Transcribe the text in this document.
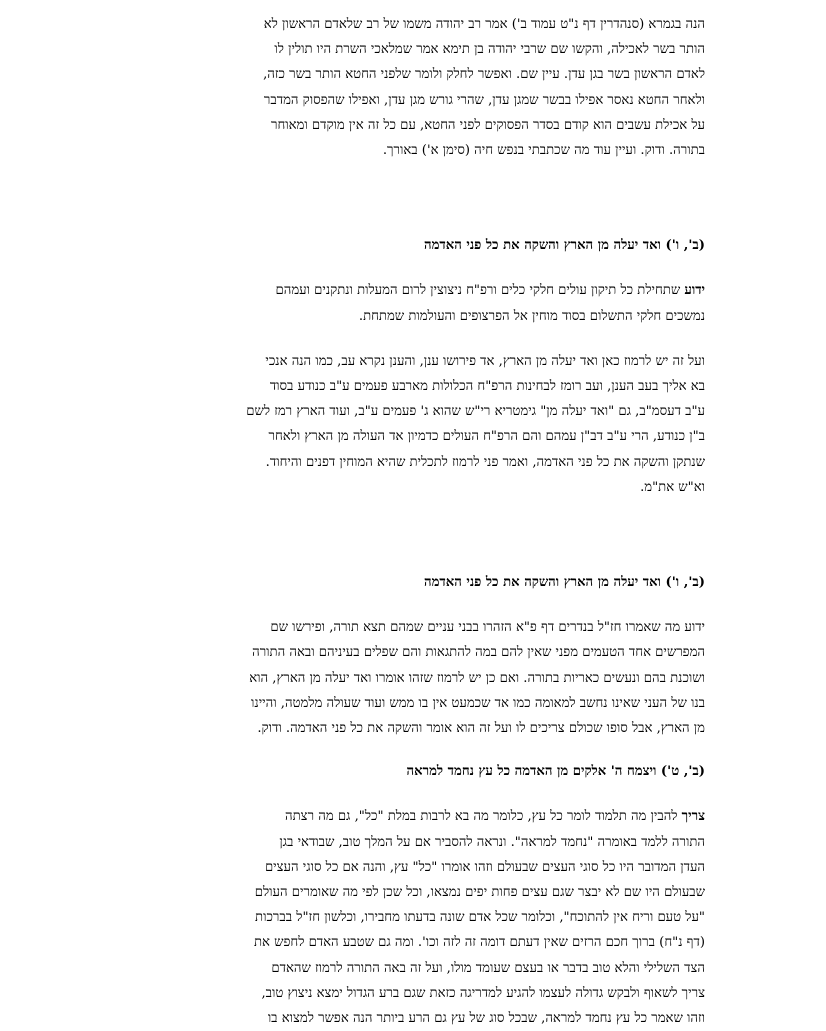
הנה בגמרא (סנהדרין דף נ"ט עמוד ב') אמר רב יהודה משמו של רב שלאדם הראשון לא
הותר בשר לאכילה, והקשו שם שרבי יהודה בן תימא אמר שמלאכי השרת היו תולין לו
לאדם הראשון בשר בגן עדן. עיין שם. ואפשר לחלק ולומר שלפני החטא הותר בשר כזה,
ולאחר החטא נאסר אפילו בבשר שמגן עדן, שהרי גורש מגן עדן, ואפילו שהפסוק המדבר
על אכילת עשבים הוא קודם בסדר הפסוקים לפני החטא, עם כל זה אין מוקדם ומאוחר
בתורה. ודוק. ועיין עוד מה שכתבתי בנפש חיה (סימן א') באורך.
(ב', ו') ואד יעלה מן הארץ והשקה את כל פני האדמה
ידוע שתחילת כל תיקון עולים חלקי כלים ורפ"ח ניצוצין לרום המעלות ונתקנים ועמהם
נמשכים חלקי התשלום בסוד מוחין אל הפרצופים והעולמות שמתחת.
ועל זה יש לרמוז כאן ואד יעלה מן הארץ, אד פירושו ענן, והענן נקרא עב, כמו הנה אנכי
בא אליך בעב הענן, ועב רומז לבחינות הרפ"ח הכלולות מארבע פעמים ע"ב כנודע בסוד
ע"ב דעסמ"ב, גם "ואד יעלה מן" גימטריא רי"ש שהוא ג' פעמים ע"ב, ועוד הארץ רמז לשם
ב"ן כנודע, הרי ע"ב דב"ן עמהם והם הרפ"ח העולים כדמיון אד העולה מן הארץ ולאחר
שנתקן והשקה את כל פני האדמה, ואמר פני לרמוז לתכלית שהיא המוחין דפנים והיחוד.
וא"ש את"מ.
(ב', ו') ואד יעלה מן הארץ והשקה את כל פני האדמה
ידוע מה שאמרו חז"ל בנדרים דף פ"א הזהרו בבני עניים שמהם תצא תורה, ופירשו שם
המפרשים אחד הטעמים מפני שאין להם במה להתגאות והם שפלים בעיניהם ובאה התורה
ושוכנת בהם ונעשים כאריות בתורה. ואם כן יש לרמוז שזהו אומרו ואד יעלה מן הארץ, הוא
בנו של העני שאינו נחשב למאומה כמו אד שכמעט אין בו ממש ועוד שעולה מלמטה, והיינו
מן הארץ, אבל סופו שכולם צריכים לו ועל זה הוא אומר והשקה את כל פני האדמה. ודוק.
(ב', ט') ויצמח ה' אלקים מן האדמה כל עץ נחמד למראה
צריך להבין מה תלמוד לומר כל עץ, כלומר מה בא לרבות במלת "כל", גם מה רצתה
התורה ללמד באומרה "נחמד למראה". ונראה להסביר אם על המלך טוב, שבודאי בגן
העדן המדובר היו כל סוגי העצים שבעולם וזהו אומרו "כל" עץ, והנה אם כל סוגי העצים
שבעולם היו שם לא יבצר שגם עצים פחות יפים נמצאו, וכל שכן לפי מה שאומרים העולם
"על טעם וריח אין להתוכח", וכלומר שכל אדם שונה בדעתו מחבירו, וכלשון חז"ל בברכות
(דף נ"ח) ברוך חכם הרזים שאין דעתם דומה זה לזה וכו'. ומה גם שטבע האדם לחפש את
הצד השלילי והלא טוב בדבר או בעצם שעומד מולו, ועל זה באה התורה לרמוז שהאדם
צריך לשאוף ולבקש גדולה לעצמו להגיע למדריגה כזאת שגם ברע הגדול ימצא ניצוץ טוב,
וזהו שאמר כל עץ נחמד למראה, שבכל סוג של עץ גם הרע ביותר הנה אפשר למצוא בו
